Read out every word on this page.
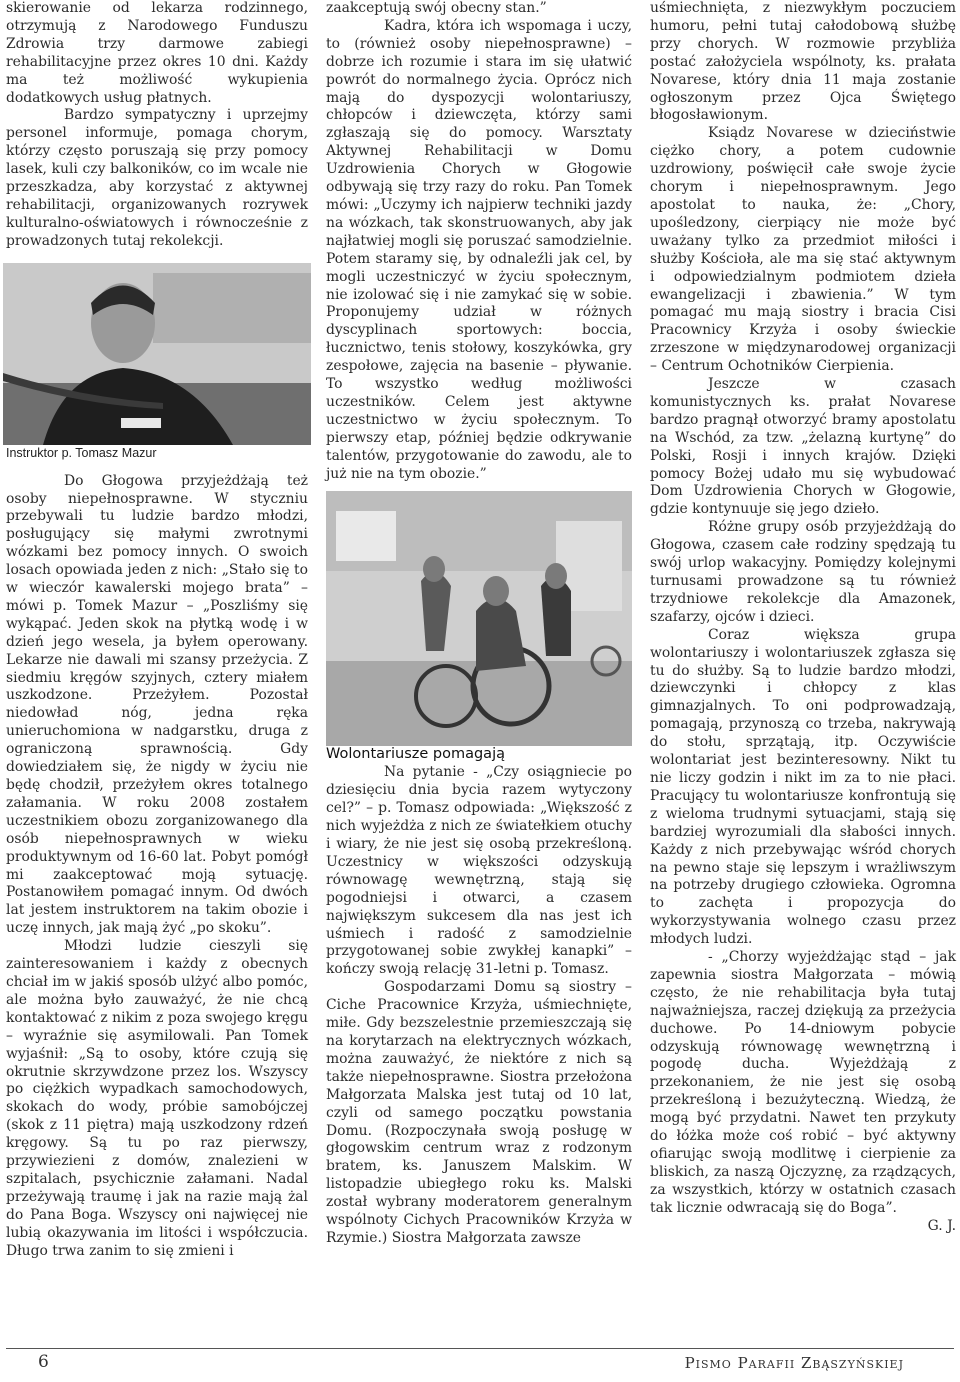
skierowanie od lekarza rodzinnego, otrzymują z Narodowego Funduszu Zdrowia trzy darmowe zabiegi rehabilitacyjne przez okres 10 dni. Każdy ma też możliwość wykupienia dodatkowych usług płatnych.

Bardzo sympatyczny i uprzejmy personel informuje, pomaga chorym, którzy często poruszają się przy pomocy lasek, kuli czy balkoników, co im wcale nie przeszkadza, aby korzystać z aktywnej rehabilitacji, organizowanych rozrywek kulturalno-oświatowych i równocześnie z prowadzonych tutaj rekolekcji.

Instruktor p. Tomasz Mazur

Do Głogowa przyjeżdżają też osoby niepełnosprawne. W styczniu przebywali tu ludzie bardzo młodzi, posługujący się małymi zwrotnymi wózkami bez pomocy innych. O swoich losach opowiada jeden z nich: „Stało się to w wieczór kawalerski mojego brata” – mówi p. Tomek Mazur – „Poszliśmy się wykąpać. Jeden skok na płytką wodę i w dzień jego wesela, ja byłem operowany. Lekarze nie dawali mi szansy przeżycia. Z siedmiu kręgów szyjnych, cztery miałem uszkodzone. Przeżyłem. Pozostał niedowład nóg, jedna ręka unieruchomiona w nadgarstku, druga z ograniczoną sprawnością. Gdy dowiedziałem się, że nigdy w życiu nie będę chodził, przeżyłem okres totalnego załamania. W roku 2008 zostałem uczestnikiem obozu zorganizowanego dla osób niepełnosprawnych w wieku produktywnym od 16-60 lat. Pobyt pomógł mi zaakceptować moją sytuację. Postanowiłem pomagać innym. Od dwóch lat jestem instruktorem na takim obozie i uczę innych, jak mają żyć „po skoku”.

Młodzi ludzie cieszyli się zainteresowaniem i każdy z obecnych chciał im w jakiś sposób ulżyć albo pomóc, ale można było zauważyć, że nie chcą kontaktować z nikim z poza swojego kręgu – wyraźnie się asymilowali. Pan Tomek wyjaśnił: „Są to osoby, które czują się okrutnie skrzywdzone przez los. Wszyscy po ciężkich wypadkach samochodowych, skokach do wody, próbie samobójczej (skok z 11 piętra) mają uszkodzony rdzeń kręgowy. Są tu po raz pierwszy, przywiezieni z domów, znalezieni w szpitalach, psychicznie załamani. Nadal przeżywają traumę i jak na razie mają żal do Pana Boga. Wszyscy oni najwięcej nie lubią okazywania im litości i współczucia. Długo trwa zanim to się zmieni i

zaakceptują swój obecny stan.”

Kadra, która ich wspomaga i uczy, to (również osoby niepełnosprawne) – dobrze ich rozumie i stara im się ułatwić powrót do normalnego życia. Oprócz nich mają do dyspozycji wolontariuszy, chłopców i dziewczęta, którzy sami zgłaszają się do pomocy. Warsztaty Aktywnej Rehabilitacji w Domu Uzdrowienia Chorych w Głogowie odbywają się trzy razy do roku. Pan Tomek mówi: „Uczymy ich najpierw techniki jazdy na wózkach, tak skonstruowanych, aby jak najłatwiej mogli się poruszać samodzielnie. Potem staramy się, by odnaleźli jak cel, by mogli uczestniczyć w życiu społecznym, nie izolować się i nie zamykać się w sobie. Proponujemy udział w różnych dyscyplinach sportowych: boccia, łucznictwo, tenis stołowy, koszykówka, gry zespołowe, zajęcia na basenie – pływanie. To wszystko według możliwości uczestników. Celem jest aktywne uczestnictwo w życiu społecznym. To pierwszy etap, później będzie odkrywanie talentów, przygotowanie do zawodu, ale to już nie na tym obozie.”

Wolontariusze pomagają

Na pytanie - „Czy osiągniecie po dziesięciu dnia bycia razem wytyczony cel?” – p. Tomasz odpowiada: „Większość z nich wyjeżdża z nich ze światełkiem otuchy i wiary, że nie jest się osobą przekreśloną. Uczestnicy w większości odzyskują równowagę wewnętrzną, stają się pogodniejsi i otwarci, a czasem największym sukcesem dla nas jest ich uśmiech i radość z samodzielnie przygotowanej sobie zwykłej kanapki” – kończy swoją relację 31-letni p. Tomasz.

Gospodarzami Domu są siostry – Ciche Pracownice Krzyża, uśmiechnięte, miłe. Gdy bezszelestnie przemieszczają się na korytarzach na elektrycznych wózkach, można zauważyć, że niektóre z nich są także niepełnosprawne. Siostra przełożona Małgorzata Malska jest tutaj od 10 lat, czyli od samego początku powstania Domu. (Rozpoczynała swoją posługę w głogowskim centrum wraz z rodzonym bratem, ks. Januszem Malskim. W listopadzie ubiegłego roku ks. Malski został wybrany moderatorem generalnym wspólnoty Cichych Pracowników Krzyża w Rzymie.) Siostra Małgorzata zawsze

uśmiechnięta, z niezwykłym poczuciem humoru, pełni tutaj całodobową służbę przy chorych. W rozmowie przybliża postać założyciela wspólnoty, ks. prałata Novarese, który dnia 11 maja zostanie ogłoszonym przez Ojca Świętego błogosławionym.

Ksiądz Novarese w dzieciństwie ciężko chory, a potem cudownie uzdrowiony, poświęcił całe swoje życie chorym i niepełnosprawnym. Jego apostolat to nauka, że: „Chory, upośledzony, cierpiący nie może być uważany tylko za przedmiot miłości i służby Kościoła, ale ma się stać aktywnym i odpowiedzialnym podmiotem dzieła ewangelizacji i zbawienia.” W tym pomagać mu mają siostry i bracia Cisi Pracownicy Krzyża i osoby świeckie zrzeszone w międzynarodowej organizacji – Centrum Ochotników Cierpienia.

Jeszcze w czasach komunistycznych ks. prałat Novarese bardzo pragnął otworzyć bramy apostolatu na Wschód, za tzw. „żelazną kurtynę” do Polski, Rosji i innych krajów. Dzięki pomocy Bożej udało mu się wybudować Dom Uzdrowienia Chorych w Głogowie, gdzie kontynuuje się jego dzieło.

Różne grupy osób przyjeżdżają do Głogowa, czasem całe rodziny spędzają tu swój urlop wakacyjny. Pomiędzy kolejnymi turnusami prowadzone są tu również trzydniowe rekolekcje dla Amazonek, szafarzy, ojców i dzieci.

Coraz większa grupa wolontariuszy i wolontariuszek zgłasza się tu do służby. Są to ludzie bardzo młodzi, dziewczynki i chłopcy z klas gimnazjalnych. To oni podprowadzają, pomagają, przynoszą co trzeba, nakrywają do stołu, sprzątają, itp. Oczywiście wolontariat jest bezinteresowny. Nikt tu nie liczy godzin i nikt im za to nie płaci. Pracujący tu wolontariusze konfrontują się z wieloma trudnymi sytuacjami, stają się bardziej wyrozumiali dla słabości innych. Każdy z nich przebywając wśród chorych na pewno staje się lepszym i wrażliwszym na potrzeby drugiego człowieka. Ogromna to zachęta i propozycja do wykorzystywania wolnego czasu przez młodych ludzi.

- „Chorzy wyjeżdżając stąd – jak zapewnia siostra Małgorzata – mówią często, że nie rehabilitacja była tutaj najważniejsza, raczej dziękują za przeżycia duchowe. Po 14-dniowym pobycie odzyskują równowagę wewnętrzną i pogodę ducha. Wyjeżdżają z przekonaniem, że nie jest się osobą przekreśloną i bezużyteczną. Wiedzą, że mogą być przydatni. Nawet ten przykuty do łóżka może coś robić – być aktywny ofiarując swoją modlitwę i cierpienie za bliskich, za naszą Ojczyznę, za rządzących, za wszystkich, którzy w ostatnich czasach tak licznie odwracają się do Boga”.

G. J.

6	Pismo Parafii Zbąszyńskiej
